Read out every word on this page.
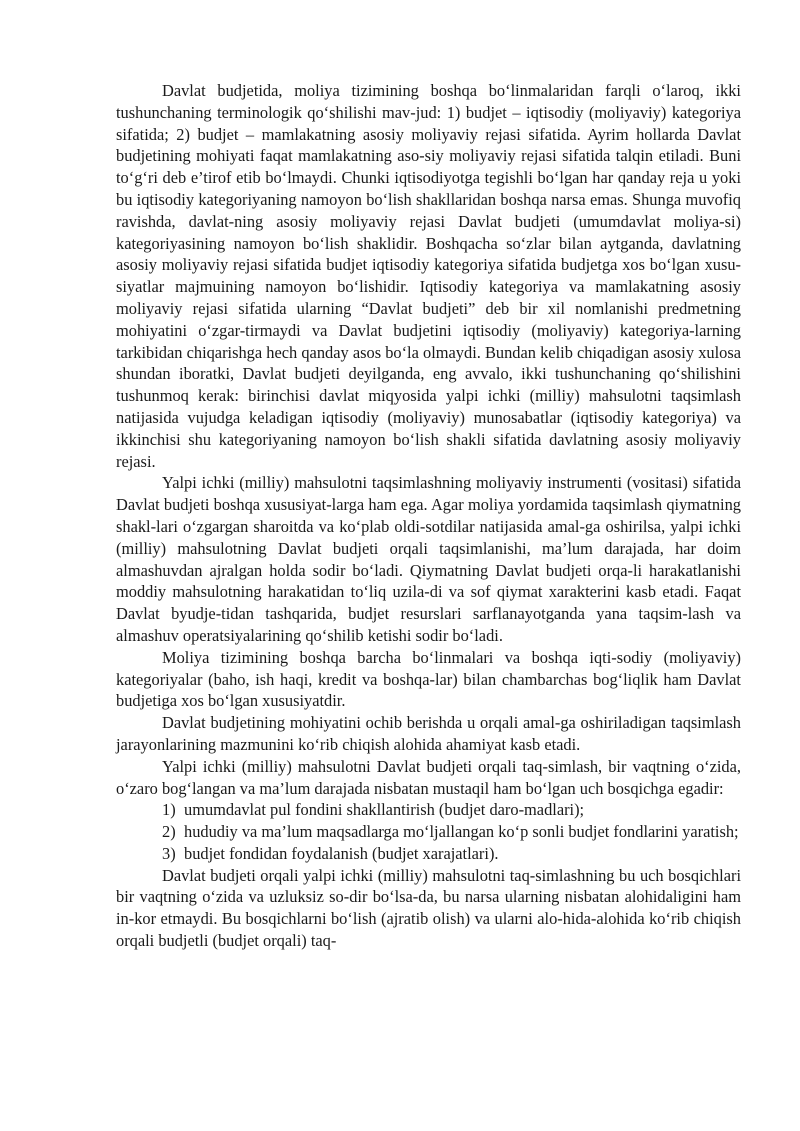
Davlat budjetida, moliya tizimining boshqa bo‘linmalaridan farqli o‘laroq, ikki tushunchaning terminologik qo‘shilishi mav-jud: 1) budjet – iqtisodiy (moliyaviy) kategoriya sifatida; 2) budjet – mamlakatning asosiy moliyaviy rejasi sifatida. Ayrim hollarda Davlat budjetining mohiyati faqat mamlakatning aso-siy moliyaviy rejasi sifatida talqin etiladi. Buni to‘g‘ri deb e’tirof etib bo‘lmaydi. Chunki iqtisodiyotga tegishli bo‘lgan har qanday reja u yoki bu iqtisodiy kategoriyaning namoyon bo‘lish shakllaridan boshqa narsa emas. Shunga muvofiq ravishda, davlat-ning asosiy moliyaviy rejasi Davlat budjeti (umumdavlat moliya-si) kategoriyasining namoyon bo‘lish shaklidir. Boshqacha so‘zlar bilan aytganda, davlatning asosiy moliyaviy rejasi sifatida budjet iqtisodiy kategoriya sifatida budjetga xos bo‘lgan xusu-siyatlar majmuining namoyon bo‘lishidir. Iqtisodiy kategoriya va mamlakatning asosiy moliyaviy rejasi sifatida ularning “Davlat budjeti” deb bir xil nomlanishi predmetning mohiyatini o‘zgar-tirmaydi va Davlat budjetini iqtisodiy (moliyaviy) kategoriya-larning tarkibidan chiqarishga hech qanday asos bo‘la olmaydi. Bundan kelib chiqadigan asosiy xulosa shundan iboratki, Davlat budjeti deyilganda, eng avvalo, ikki tushunchaning qo‘shilishini tushunmoq kerak: birinchisi davlat miqyosida yalpi ichki (milliy) mahsulotni taqsimlash natijasida vujudga keladigan iqtisodiy (moliyaviy) munosabatlar (iqtisodiy kategoriya) va ikkinchisi shu kategoriyaning namoyon bo‘lish shakli sifatida davlatning asosiy moliyaviy rejasi.

Yalpi ichki (milliy) mahsulotni taqsimlashning moliyaviy instrumenti (vositasi) sifatida Davlat budjeti boshqa xususiyat-larga ham ega. Agar moliya yordamida taqsimlash qiymatning shakl-lari o‘zgargan sharoitda va ko‘plab oldi-sotdilar natijasida amal-ga oshirilsa, yalpi ichki (milliy) mahsulotning Davlat budjeti orqali taqsimlanishi, ma’lum darajada, har doim almashuvdan ajralgan holda sodir bo‘ladi. Qiymatning Davlat budjeti orqa-li harakatlanishi moddiy mahsulotning harakatidan to‘liq uzila-di va sof qiymat xarakterini kasb etadi. Faqat Davlat byudje-tidan tashqarida, budjet resurslari sarflanayotganda yana taqsim-lash va almashuv operatsiyalarining qo‘shilib ketishi sodir bo‘ladi.

Moliya tizimining boshqa barcha bo‘linmalari va boshqa iqti-sodiy (moliyaviy) kategoriyalar (baho, ish haqi, kredit va boshqa-lar) bilan chambarchas bog‘liqlik ham Davlat budjetiga xos bo‘lgan xususiyatdir.

Davlat budjetining mohiyatini ochib berishda u orqali amal-ga oshiriladigan taqsimlash jarayonlarining mazmunini ko‘rib chiqish alohida ahamiyat kasb etadi.

Yalpi ichki (milliy) mahsulotni Davlat budjeti orqali taq-simlash, bir vaqtning o‘zida, o‘zaro bog‘langan va ma’lum darajada nisbatan mustaqil ham bo‘lgan uch bosqichga egadir:

1) umumdavlat pul fondini shakllantirish (budjet daro-madlari);

2) hududiy va ma’lum maqsadlarga mo‘ljallangan ko‘p sonli budjet fondlarini yaratish;

3) budjet fondidan foydalanish (budjet xarajatlari).

Davlat budjeti orqali yalpi ichki (milliy) mahsulotni taq-simlashning bu uch bosqichlari bir vaqtning o‘zida va uzluksiz so-dir bo‘lsa-da, bu narsa ularning nisbatan alohidaligini ham in-kor etmaydi. Bu bosqichlarni bo‘lish (ajratib olish) va ularni alo-hida-alohida ko‘rib chiqish orqali budjetli (budjet orqali) taq-
